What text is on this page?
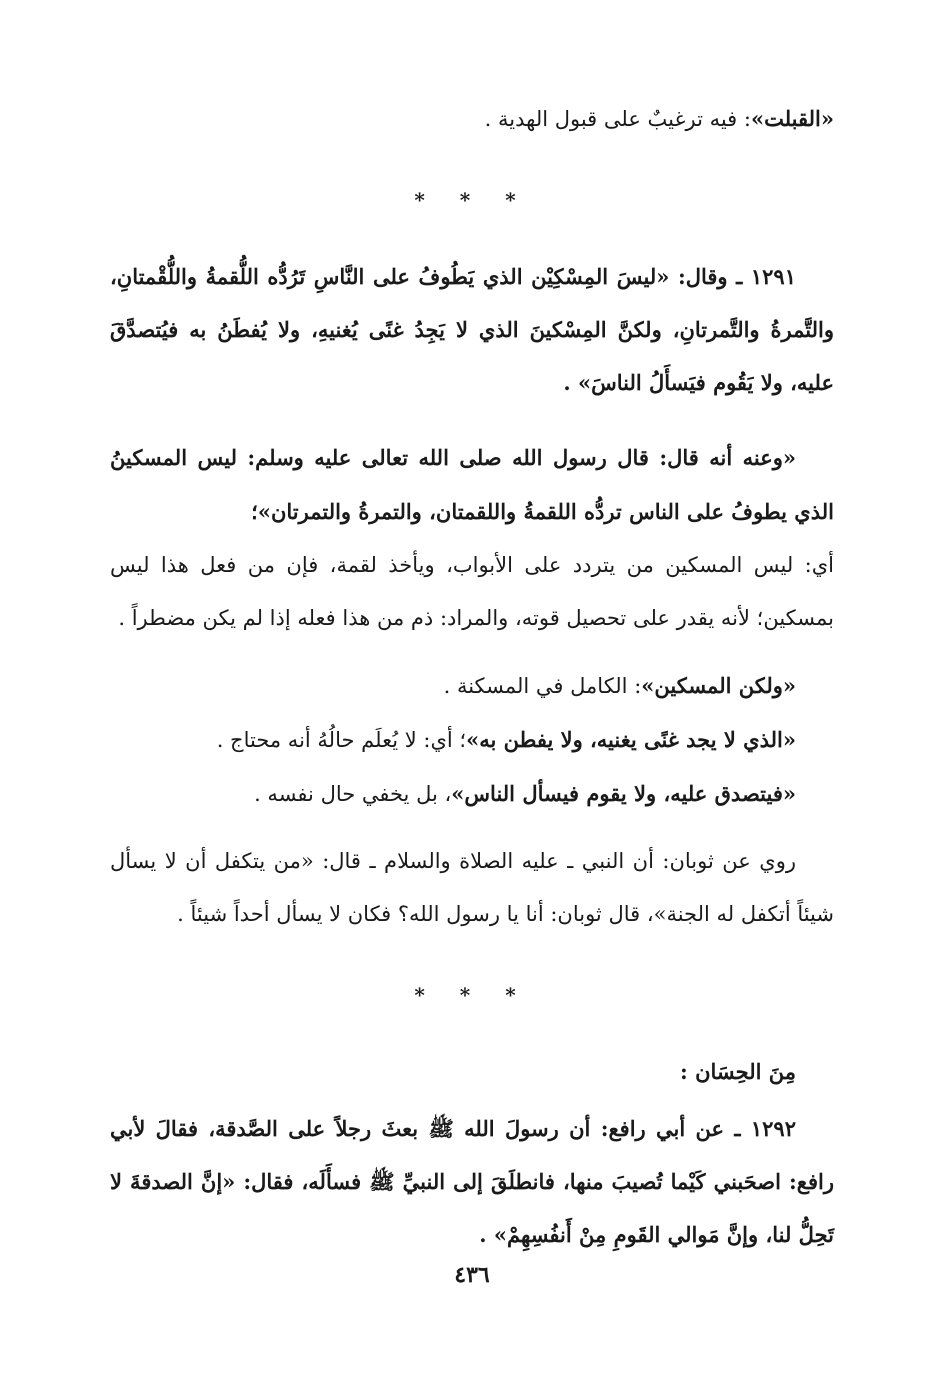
«القبلت»: فيه ترغيبٌ على قبول الهدية .

* * *

١٢٩١ ـ وقال: «ليسَ المِسْكِيْن الذي يَطُوفُ على النَّاسِ تَرُدُّه اللُّقمةُ واللُّقْمتانِ، والتَّمرةُ والتَّمرتانِ، ولكنَّ المِسْكينَ الذي لا يَجِدُ غنًى يُغنيهِ، ولا يُفطَنُ به فيُتصدَّقَ عليه، ولا يَقُوم فيَسأَلُ الناسَ» .

«وعنه أنه قال: قال رسول الله صلى الله تعالى عليه وسلم: ليس المسكينُ الذي يطوفُ على الناس تردُّه اللقمةُ واللقمتان، والتمرةُ والتمرتان»؛

أي: ليس المسكين من يتردد على الأبواب، ويأخذ لقمة، فإن من فعل هذا ليس بمسكين؛ لأنه يقدر على تحصيل قوته، والمراد: ذم من هذا فعله إذا لم يكن مضطراً .

«ولكن المسكين»: الكامل في المسكنة .

«الذي لا يجد غنًى يغنيه، ولا يفطن به»؛ أي: لا يُعلَم حالُهُ أنه محتاج .

«فيتصدق عليه، ولا يقوم فيسأل الناس»، بل يخفي حال نفسه .

روي عن ثوبان: أن النبي ـ عليه الصلاة والسلام ـ قال: «من يتكفل أن لا يسأل شيئاً أتكفل له الجنة»، قال ثوبان: أنا يا رسول الله؟ فكان لا يسأل أحداً شيئاً .

* * *

مِنَ الحِسَان :

١٢٩٢ ـ عن أبي رافع: أن رسولَ الله ﷺ بعثَ رجلاً على الصَّدقة، فقالَ لأبي رافع: اصحَبني كَيْما تُصيبَ منها، فانطلَقَ إلى النبيِّ ﷺ فسأَلَه، فقال: «إنَّ الصدقةَ لا تَحِلُّ لنا، وإنَّ مَوالي القَومِ مِنْ أَنفُسِهِمْ» .

٤٣٦
